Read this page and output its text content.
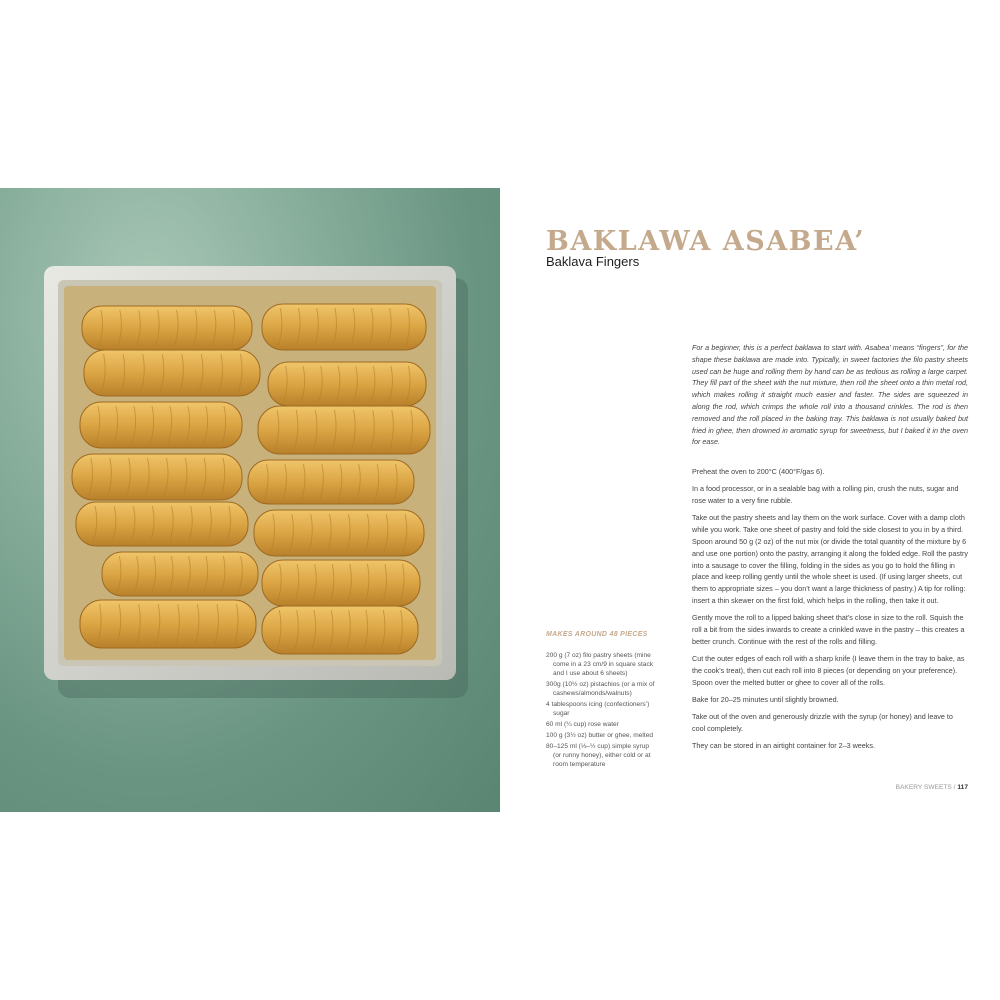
BAKLAWA ASABEA’
Baklava Fingers
For a beginner, this is a perfect baklawa to start with. Asabea’ means “fingers”, for the shape these baklawa are made into. Typically, in sweet factories the filo pastry sheets used can be huge and rolling them by hand can be as tedious as rolling a large carpet. They fill part of the sheet with the nut mixture, then roll the sheet onto a thin metal rod, which makes rolling it straight much easier and faster. The sides are squeezed in along the rod, which crimps the whole roll into a thousand crinkles. The rod is then removed and the roll placed in the baking tray. This baklawa is not usually baked but fried in ghee, then drowned in aromatic syrup for sweetness, but I baked it in the oven for ease.

Preheat the oven to 200°C (400°F/gas 6).

In a food processor, or in a sealable bag with a rolling pin, crush the nuts, sugar and rose water to a very fine rubble.

Take out the pastry sheets and lay them on the work surface. Cover with a damp cloth while you work. Take one sheet of pastry and fold the side closest to you in by a third. Spoon around 50 g (2 oz) of the nut mix (or divide the total quantity of the mixture by 6 and use one portion) onto the pastry, arranging it along the folded edge. Roll the pastry into a sausage to cover the filling, folding in the sides as you go to hold the filling in place and keep rolling gently until the whole sheet is used. (If using larger sheets, cut them to appropriate sizes – you don’t want a large thickness of pastry.) A tip for rolling: insert a thin skewer on the first fold, which helps in the rolling, then take it out.

Gently move the roll to a lipped baking sheet that’s close in size to the roll. Squish the roll a bit from the sides inwards to create a crinkled wave in the pastry – this creates a better crunch. Continue with the rest of the rolls and filling.

Cut the outer edges of each roll with a sharp knife (I leave them in the tray to bake, as the cook’s treat), then cut each roll into 8 pieces (or depending on your preference). Spoon over the melted butter or ghee to cover all of the rolls.

Bake for 20–25 minutes until slightly browned.

Take out of the oven and generously drizzle with the syrup (or honey) and leave to cool completely.

They can be stored in an airtight container for 2–3 weeks.

MAKES AROUND 48 PIECES
200 g (7 oz) filo pastry sheets (mine come in a 23 cm/9 in square stack and I use about 6 sheets)
300g (10½ oz) pistachios (or a mix of cashews/almonds/walnuts)
4 tablespoons icing (confectioners’) sugar
60 ml (¼ cup) rose water
100 g (3½ oz) butter or ghee, melted
80–125 ml (⅓–½ cup) simple syrup (or runny honey), either cold or at room temperature
BAKERY SWEETS / 117
